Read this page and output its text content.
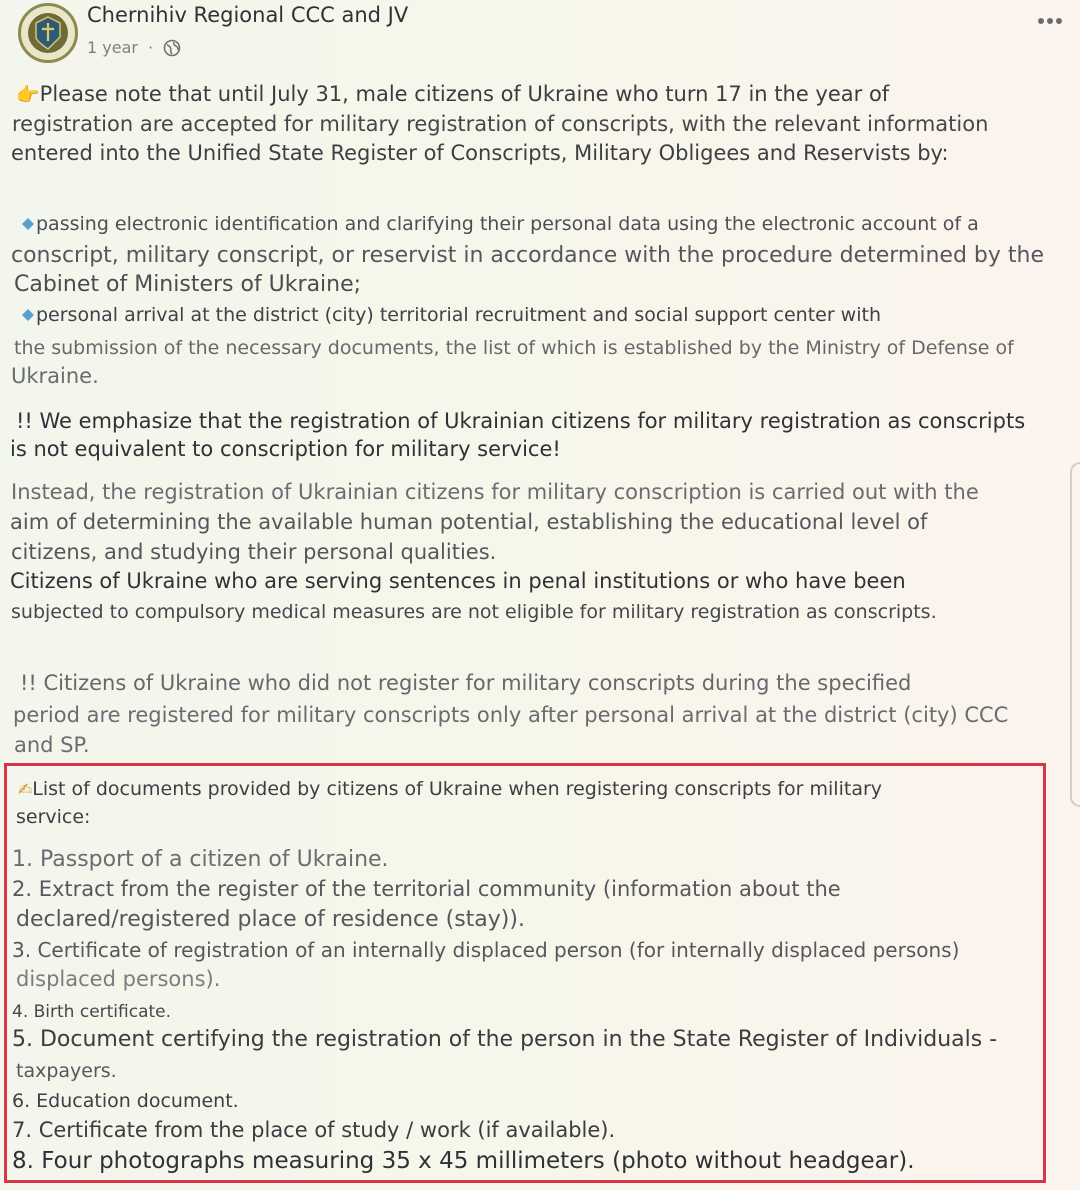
Chernihiv Regional CCC and JV
1 year ·
👉Please note that until July 31, male citizens of Ukraine who turn 17 in the year of
registration are accepted for military registration of conscripts, with the relevant information
entered into the Unified State Register of Conscripts, Military Obligees and Reservists by:
passing electronic identification and clarifying their personal data using the electronic account of a
conscript, military conscript, or reservist in accordance with the procedure determined by the
Cabinet of Ministers of Ukraine;
personal arrival at the district (city) territorial recruitment and social support center with
the submission of the necessary documents, the list of which is established by the Ministry of Defense of
Ukraine.
!! We emphasize that the registration of Ukrainian citizens for military registration as conscripts
is not equivalent to conscription for military service!
Instead, the registration of Ukrainian citizens for military conscription is carried out with the
aim of determining the available human potential, establishing the educational level of
citizens, and studying their personal qualities.
Citizens of Ukraine who are serving sentences in penal institutions or who have been
subjected to compulsory medical measures are not eligible for military registration as conscripts.
!! Citizens of Ukraine who did not register for military conscripts during the specified
period are registered for military conscripts only after personal arrival at the district (city) CCC
and SP.
✍List of documents provided by citizens of Ukraine when registering conscripts for military
service:
1. Passport of a citizen of Ukraine.
2. Extract from the register of the territorial community (information about the
declared/registered place of residence (stay)).
3. Certificate of registration of an internally displaced person (for internally displaced persons)
displaced persons).
4. Birth certificate.
5. Document certifying the registration of the person in the State Register of Individuals -
taxpayers.
6. Education document.
7. Certificate from the place of study / work (if available).
8. Four photographs measuring 35 x 45 millimeters (photo without headgear).
